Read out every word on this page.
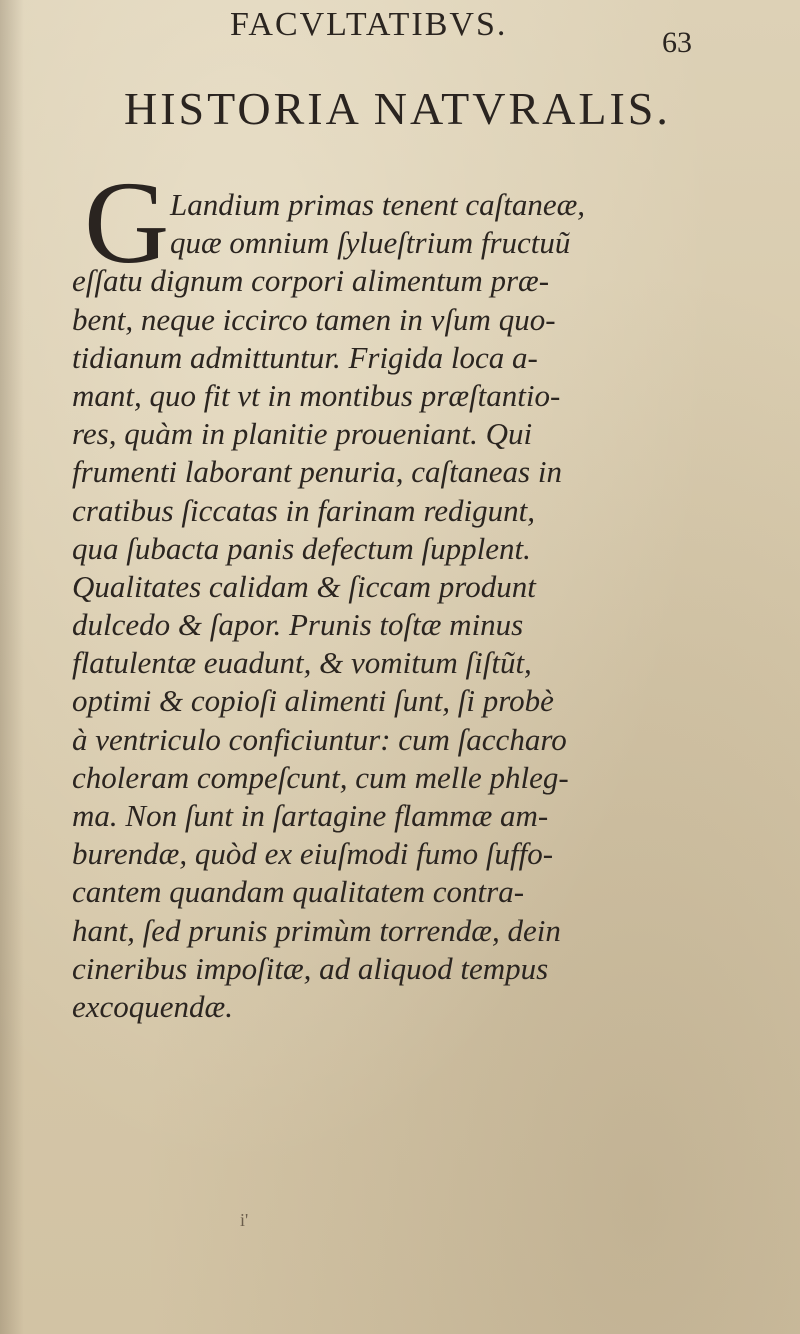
FACVLTATIBVS.	63
HISTORIA NATVRALIS.
G Landium primas tenent caſtaneæ,
quæ omnium ſylueſtrium fructuũ
eſſatu dignum corpori alimentum præ-
bent, neque iccirco tamen in vſum quo-
tidianum admittuntur. Frigida loca a-
mant, quo fit vt in montibus præſtantio-
res, quàm in planitie proueniant. Qui
frumenti laborant penuria, caſtaneas in
cratibus ſiccatas in farinam redigunt,
qua ſubacta panis defectum ſupplent.
Qualitates calidam & ſiccam produnt
dulcedo & ſapor. Prunis toſtæ minus
flatulentæ euadunt, & vomitum ſiſtũt,
optimi & copioſi alimenti ſunt, ſi probè
à ventriculo conficiuntur: cum ſaccharo
choleram compeſcunt, cum melle phleg-
ma. Non ſunt in ſartagine flammæ am-
burendæ, quòd ex eiuſmodi fumo ſuffo-
cantem quandam qualitatem contra-
hant, ſed prunis primùm torrendæ, dein
cineribus impoſitæ, ad aliquod tempus
excoquendæ.
i'
